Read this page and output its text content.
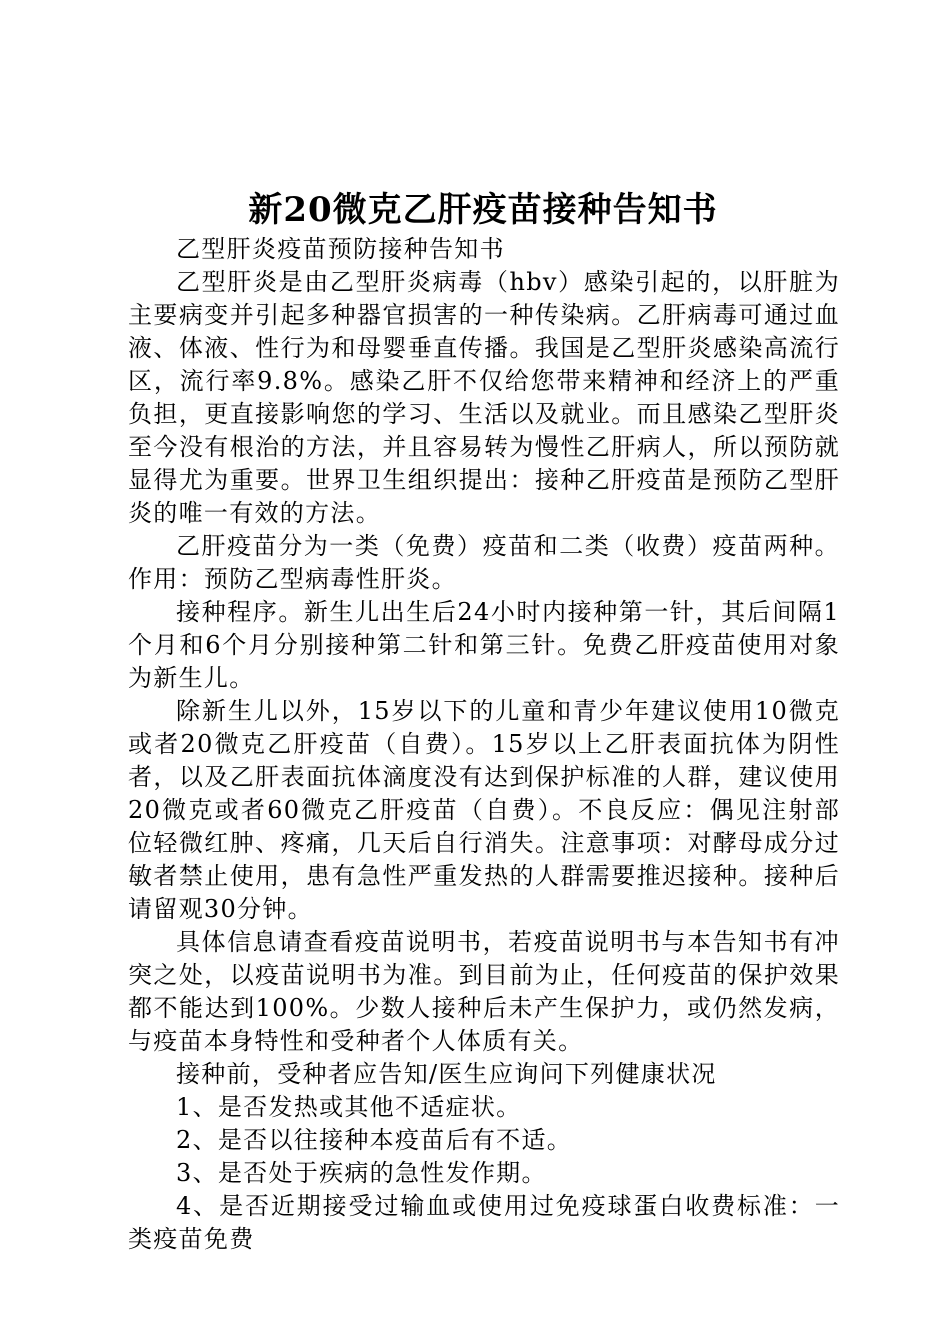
新20微克乙肝疫苗接种告知书

乙型肝炎疫苗预防接种告知书

乙型肝炎是由乙型肝炎病毒（hbv）感染引起的，以肝脏为主要病变并引起多种器官损害的一种传染病。乙肝病毒可通过血液、体液、性行为和母婴垂直传播。我国是乙型肝炎感染高流行区，流行率9.8%。感染乙肝不仅给您带来精神和经济上的严重负担，更直接影响您的学习、生活以及就业。而且感染乙型肝炎至今没有根治的方法，并且容易转为慢性乙肝病人，所以预防就显得尤为重要。世界卫生组织提出：接种乙肝疫苗是预防乙型肝炎的唯一有效的方法。

乙肝疫苗分为一类（免费）疫苗和二类（收费）疫苗两种。作用：预防乙型病毒性肝炎。

接种程序。新生儿出生后24小时内接种第一针，其后间隔1个月和6个月分别接种第二针和第三针。免费乙肝疫苗使用对象为新生儿。

除新生儿以外，15岁以下的儿童和青少年建议使用10微克或者20微克乙肝疫苗（自费）。15岁以上乙肝表面抗体为阴性者，以及乙肝表面抗体滴度没有达到保护标准的人群，建议使用20微克或者60微克乙肝疫苗（自费）。不良反应：偶见注射部位轻微红肿、疼痛，几天后自行消失。注意事项：对酵母成分过敏者禁止使用，患有急性严重发热的人群需要推迟接种。接种后请留观30分钟。

具体信息请查看疫苗说明书，若疫苗说明书与本告知书有冲突之处，以疫苗说明书为准。到目前为止，任何疫苗的保护效果都不能达到100%。少数人接种后未产生保护力，或仍然发病，与疫苗本身特性和受种者个人体质有关。

接种前，受种者应告知/医生应询问下列健康状况

1、是否发热或其他不适症状。

2、是否以往接种本疫苗后有不适。

3、是否处于疾病的急性发作期。

4、是否近期接受过输血或使用过免疫球蛋白收费标准：一类疫苗免费
